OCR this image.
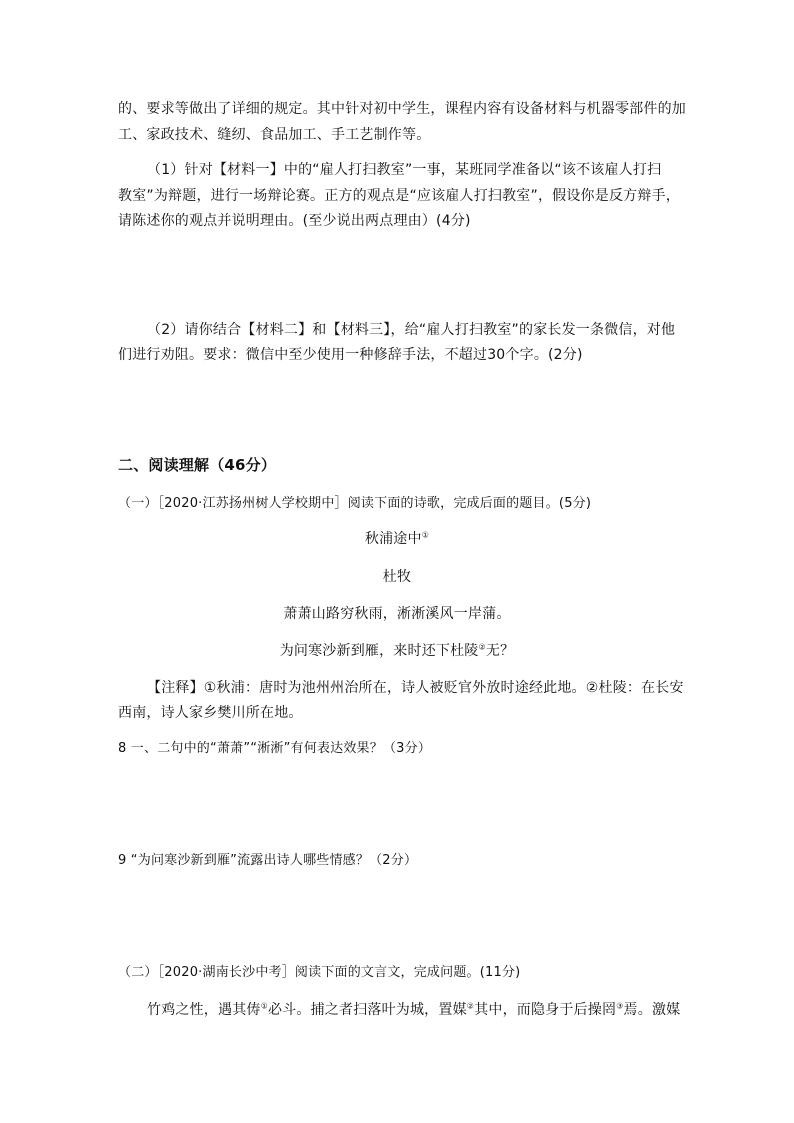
的、要求等做出了详细的规定。其中针对初中学生，课程内容有设备材料与机器零部件的加
工、家政技术、缝纫、食品加工、手工艺制作等。
（1）针对【材料一】中的“雇人打扫教室”一事，某班同学准备以“该不该雇人打扫
教室”为辩题，进行一场辩论赛。正方的观点是“应该雇人打扫教室”，假设你是反方辩手，
请陈述你的观点并说明理由。(至少说出两点理由）(4分)
（2）请你结合【材料二】和【材料三】，给“雇人打扫教室”的家长发一条微信，对他
们进行劝阻。要求：微信中至少使用一种修辞手法，不超过30个字。(2分)
二、阅读理解（46分）
（一）［2020·江苏扬州树人学校期中］阅读下面的诗歌，完成后面的题目。(5分)
秋浦途中①
杜牧
萧萧山路穷秋雨，淅淅溪风一岸蒲。
为问寒沙新到雁，来时还下杜陵②无？
【注释】①秋浦：唐时为池州州治所在，诗人被贬官外放时途经此地。②杜陵：在长安
西南，诗人家乡樊川所在地。
8 一、二句中的“萧萧”“淅淅”有何表达效果？（3分）
9 “为问寒沙新到雁”流露出诗人哪些情感？（2分）
（二）［2020·湖南长沙中考］阅读下面的文言文，完成问题。(11分)
竹鸡之性，遇其俦①必斗。捕之者扫落叶为城，置媒②其中，而隐身于后操罔③焉。激媒
